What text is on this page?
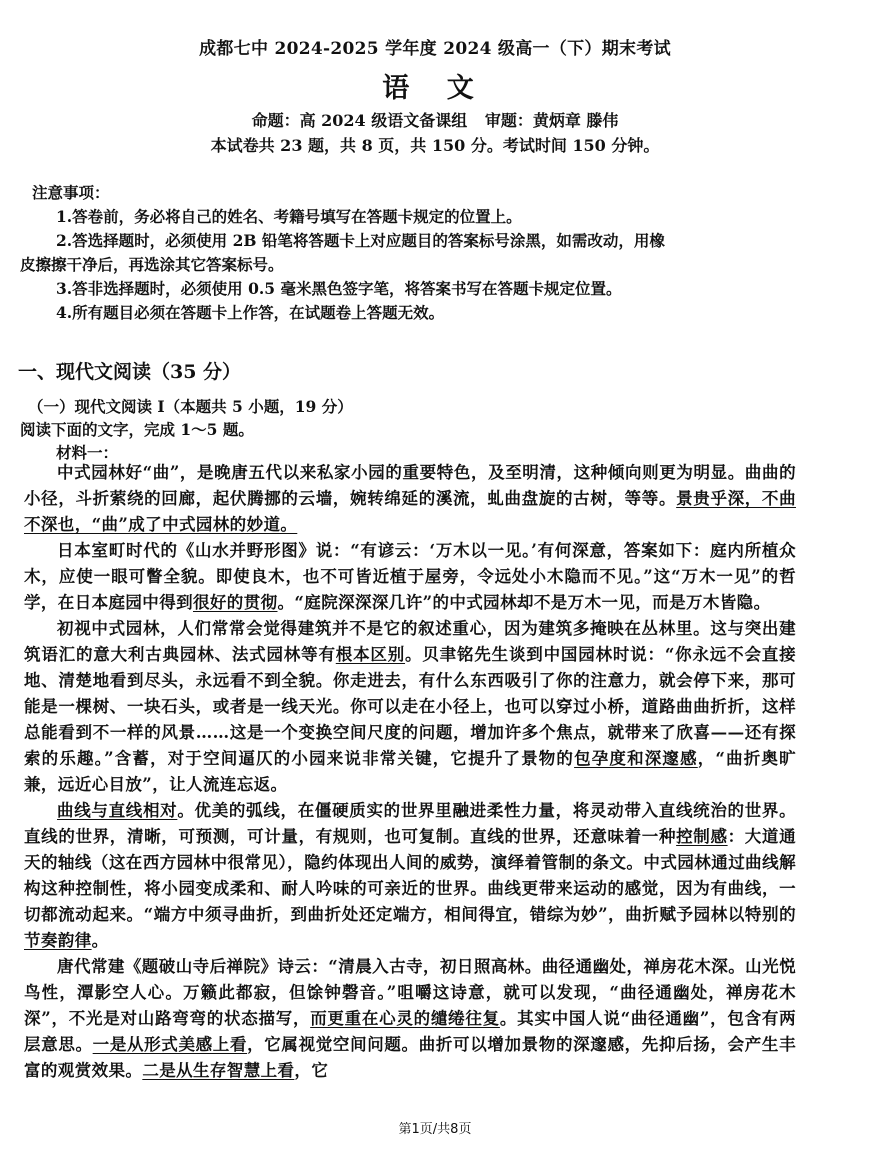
成都七中 2024-2025 学年度 2024 级高一（下）期末考试
语 文
命题：高 2024 级语文备课组 审题：黄炳章 滕伟
本试卷共 23 题，共 8 页，共 150 分。考试时间 150 分钟。
注意事项：
1.答卷前，务必将自己的姓名、考籍号填写在答题卡规定的位置上。
2.答选择题时，必须使用 2B 铅笔将答题卡上对应题目的答案标号涂黑，如需改动，用橡
皮擦擦干净后，再选涂其它答案标号。
3.答非选择题时，必须使用 0.5 毫米黑色签字笔，将答案书写在答题卡规定位置。
4.所有题目必须在答题卡上作答，在试题卷上答题无效。
一、现代文阅读（35 分）
（一）现代文阅读 I（本题共 5 小题，19 分）
阅读下面的文字，完成 1～5 题。
材料一：

中式园林好“曲”，是晚唐五代以来私家小园的重要特色，及至明清，这种倾向则更为明显。曲曲的小径，斗折萦绕的回廊，起伏腾挪的云墙，婉转绵延的溪流，虬曲盘旋的古树，等等。景贵乎深，不曲不深也，“曲”成了中式园林的妙道。

日本室町时代的《山水并野形图》说：“有谚云：‘万木以一见。’有何深意，答案如下：庭内所植众木，应使一眼可瞥全貌。即使良木，也不可皆近植于屋旁，令远处小木隐而不见。”这“万木一见”的哲学，在日本庭园中得到很好的贯彻。“庭院深深深几许”的中式园林却不是万木一见，而是万木皆隐。

初视中式园林，人们常常会觉得建筑并不是它的叙述重心，因为建筑多掩映在丛林里。这与突出建筑语汇的意大利古典园林、法式园林等有根本区别。贝聿铭先生谈到中国园林时说：“你永远不会直接地、清楚地看到尽头，永远看不到全貌。你走进去，有什么东西吸引了你的注意力，就会停下来，那可能是一棵树、一块石头，或者是一线天光。你可以走在小径上，也可以穿过小桥，道路曲曲折折，这样总能看到不一样的风景……这是一个变换空间尺度的问题，增加许多个焦点，就带来了欣喜——还有探索的乐趣。”含蓄，对于空间逼仄的小园来说非常关键，它提升了景物的包孕度和深邃感，“曲折奥旷兼，远近心目放”，让人流连忘返。

曲线与直线相对。优美的弧线，在僵硬质实的世界里融进柔性力量，将灵动带入直线统治的世界。直线的世界，清晰，可预测，可计量，有规则，也可复制。直线的世界，还意味着一种控制感：大道通天的轴线（这在西方园林中很常见），隐约体现出人间的威势，演绎着管制的条文。中式园林通过曲线解构这种控制性，将小园变成柔和、耐人吟味的可亲近的世界。曲线更带来运动的感觉，因为有曲线，一切都流动起来。“端方中须寻曲折，到曲折处还定端方，相间得宜，错综为妙”，曲折赋予园林以特别的节奏韵律。

唐代常建《题破山寺后禅院》诗云：“清晨入古寺，初日照高林。曲径通幽处，禅房花木深。山光悦鸟性，潭影空人心。万籁此都寂，但馀钟磬音。”咀嚼这诗意，就可以发现，“曲径通幽处，禅房花木深”，不光是对山路弯弯的状态描写，而更重在心灵的缱绻往复。其实中国人说“曲径通幽”，包含有两层意思。一是从形式美感上看，它属视觉空间问题。曲折可以增加景物的深邃感，先抑后扬，会产生丰富的观赏效果。二是从生存智慧上看，它

第1页/共8页
